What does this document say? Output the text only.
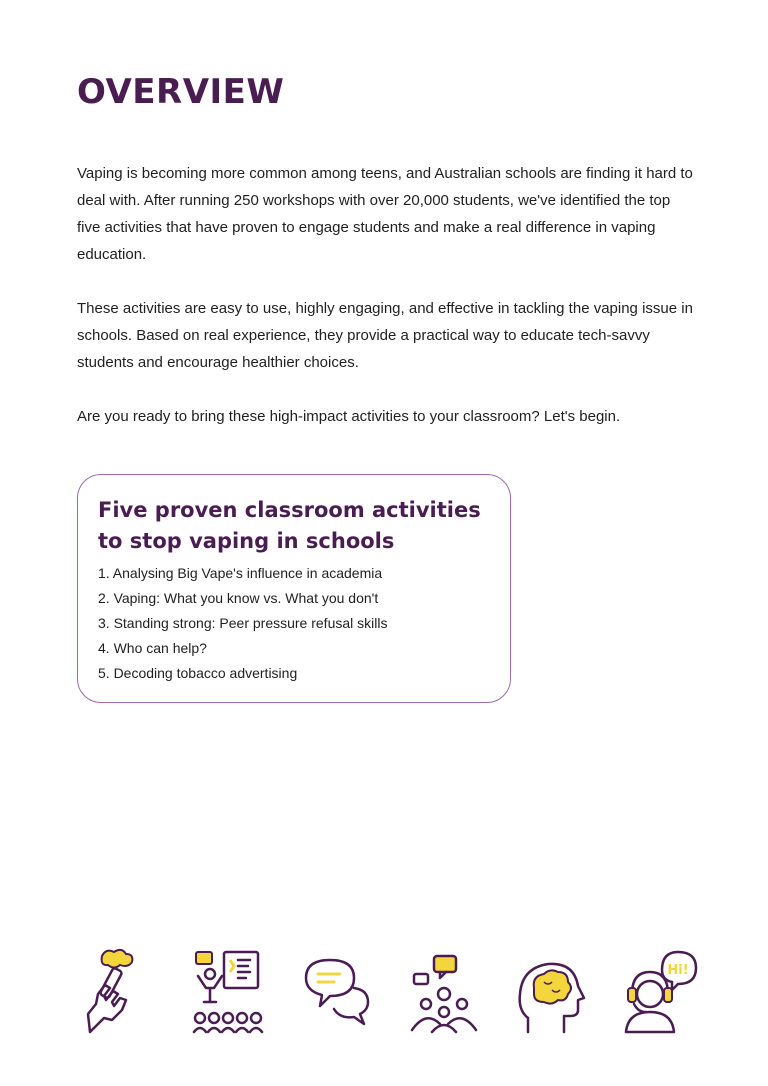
OVERVIEW

Vaping is becoming more common among teens, and Australian schools are finding it hard to deal with. After running 250 workshops with over 20,000 students, we've identified the top five activities that have proven to engage students and make a real difference in vaping education.

These activities are easy to use, highly engaging, and effective in tackling the vaping issue in schools. Based on real experience, they provide a practical way to educate tech-savvy students and encourage healthier choices.

Are you ready to bring these high-impact activities to your classroom? Let's begin.

Five proven classroom activities
to stop vaping in schools
1. Analysing Big Vape's influence in academia
2. Vaping: What you know vs. What you don't
3. Standing strong: Peer pressure refusal skills
4. Who can help?
5. Decoding tobacco advertising
Hi!
